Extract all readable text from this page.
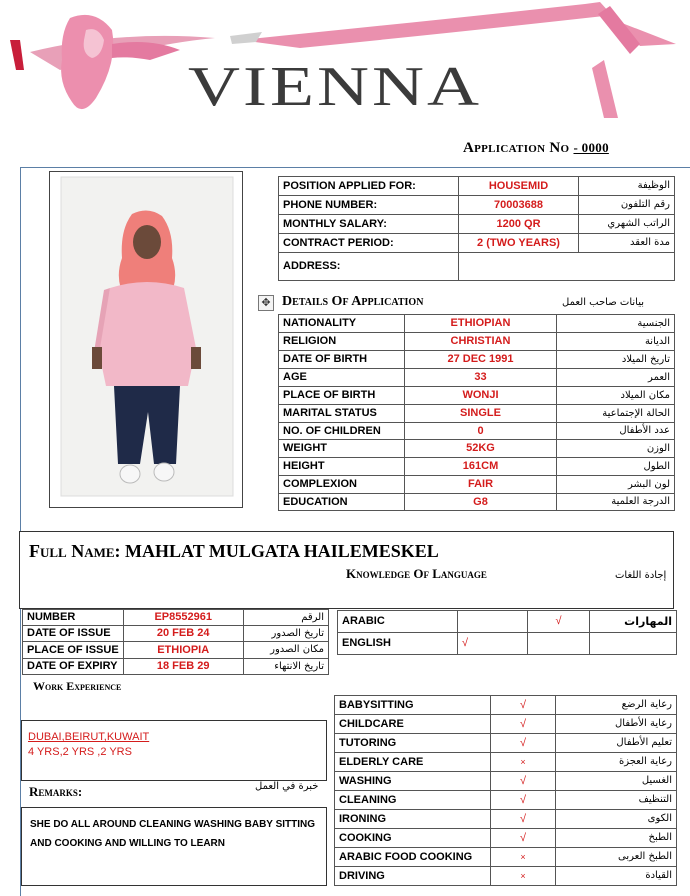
VIENNA
Application No - 0000
POSITION APPLIED FOR:	HOUSEMID	الوظيفة
PHONE NUMBER:	70003688	رقم التلفون
MONTHLY SALARY:	1200 QR	الراتب الشهري
CONTRACT PERIOD:	2 (TWO YEARS)	مدة العقد
ADDRESS:		
✥ Details Of Application	بيانات صاحب العمل
NATIONALITY	ETHIOPIAN	الجنسية
RELIGION	CHRISTIAN	الديانة
DATE OF BIRTH	27 DEC 1991	تاريخ الميلاد
AGE	33	العمر
PLACE OF BIRTH	WONJI	مكان الميلاد
MARITAL STATUS	SINGLE	الحالة الإجتماعية
NO. OF CHILDREN	0	عدد الأطفال
WEIGHT	52KG	الوزن
HEIGHT	161CM	الطول
COMPLEXION	FAIR	لون البشر
EDUCATION	G8	الدرجة العلمية
Full Name: MAHLAT MULGATA HAILEMESKEL
Knowledge Of Language	إجادة اللغات
ARABIC		√	المهارات
ENGLISH	√		
NUMBER	EP8552961	الرقم
DATE OF ISSUE	20 FEB 24	تاريخ الصدور
PLACE OF ISSUE	ETHIOPIA	مكان الصدور
DATE OF EXPIRY	18 FEB 29	تاريخ الانتهاء
Work Experience
DUBAI,BEIRUT,KUWAIT
4 YRS,2 YRS ,2 YRS
Remarks:	خبرة في العمل
SHE DO ALL AROUND CLEANING WASHING BABY SITTING AND COOKING AND WILLING TO LEARN
BABYSITTING	√	رعاية الرضع
CHILDCARE	√	رعاية الأطفال
TUTORING	√	تعليم الأطفال
ELDERLY CARE	×	رعاية العجزة
WASHING	√	الغسيل
CLEANING	√	التنظيف
IRONING	√	الكوى
COOKING	√	الطبخ
ARABIC FOOD COOKING	×	الطبخ العربى
DRIVING	×	القيادة
